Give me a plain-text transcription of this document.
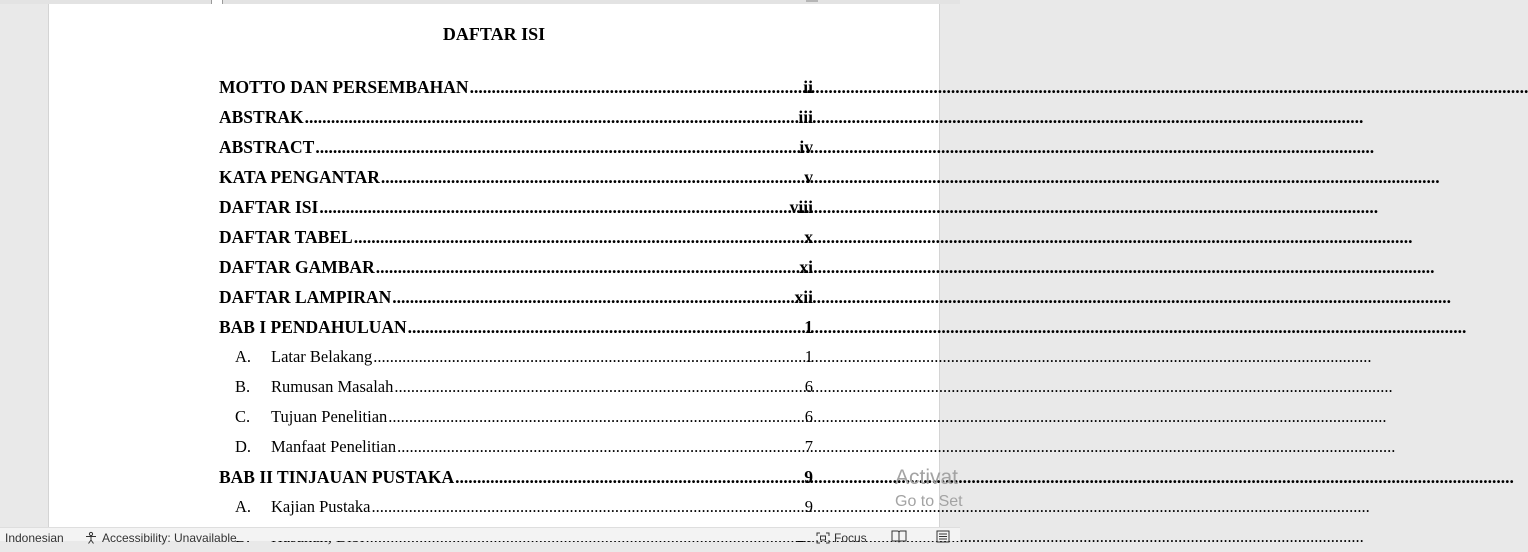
DAFTAR ISI
MOTTO DAN PERSEMBAHAN .....	ii
ABSTRAK .....	iii
ABSTRACT .....	iv
KATA PENGANTAR .....	v
DAFTAR ISI .....	viii
DAFTAR TABEL .....	x
DAFTAR GAMBAR .....	xi
DAFTAR LAMPIRAN .....	xii
BAB I PENDAHULUAN .....	1
A.	Latar Belakang .....	1
B.	Rumusan Masalah .....	6
C.	Tujuan Penelitian .....	6
D.	Manfaat Penelitian .....	7
BAB II TINJAUAN PUSTAKA .....	9
A.	Kajian Pustaka .....	9
.....
Activat
Go to Set
Indonesian	Accessibility: Unavailable	Focus
